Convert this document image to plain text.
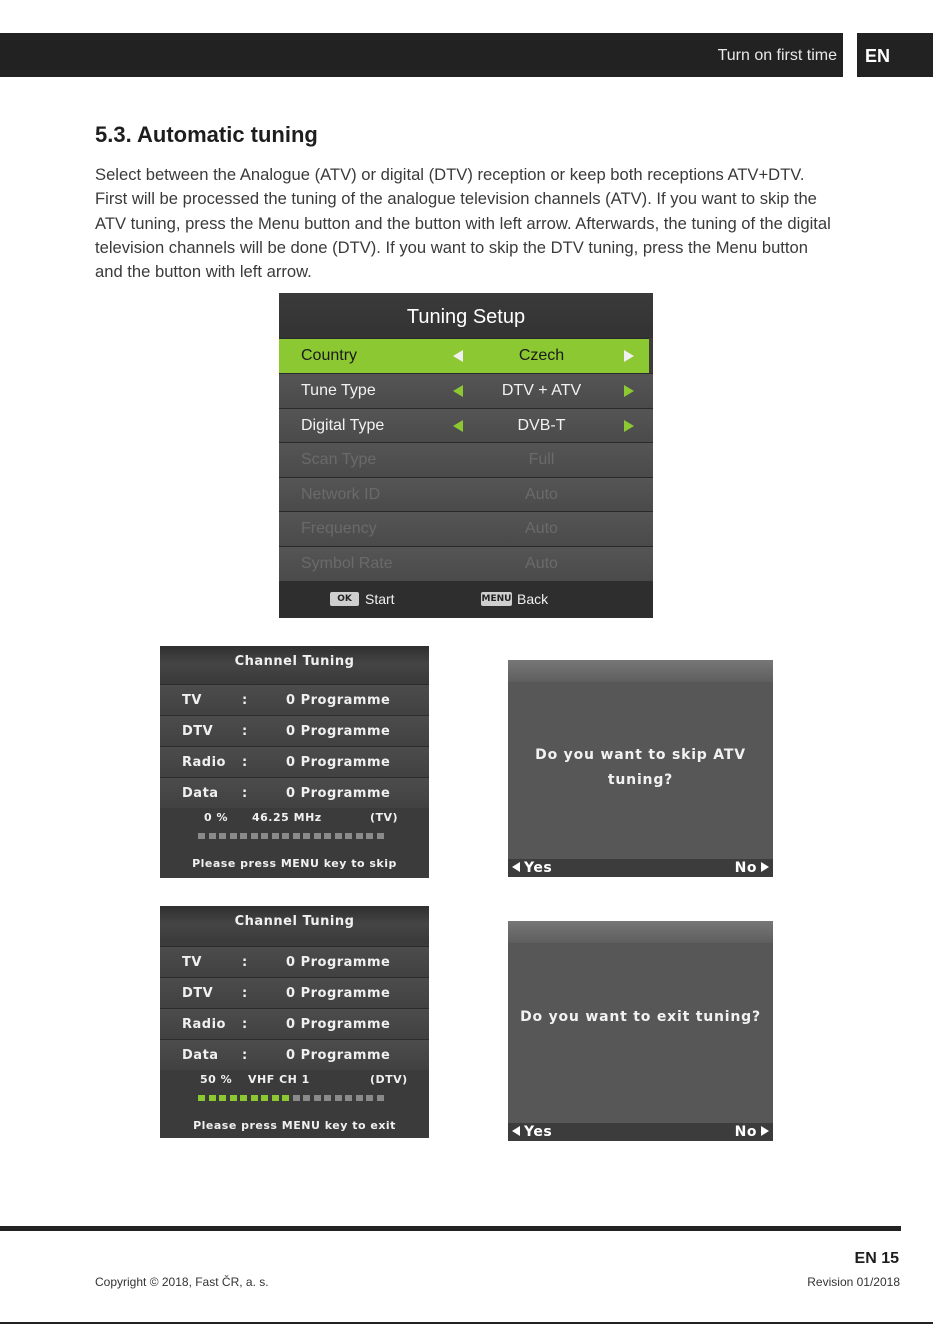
Turn on first time	EN
5.3. Automatic tuning

Select between the Analogue (ATV) or digital (DTV) reception or keep both receptions ATV+DTV. First will be processed the tuning of the analogue television channels (ATV). If you want to skip the ATV tuning, press the Menu button and the button with left arrow. Afterwards, the tuning of the digital television channels will be done (DTV). If you want to skip the DTV tuning, press the Menu button and the button with left arrow.

Tuning Setup
Country	Czech
Tune Type	DTV + ATV
Digital Type	DVB-T
Scan Type	Full
Network ID	Auto
Frequency	Auto
Symbol Rate	Auto
OK Start	MENU Back
Channel Tuning
TV	:	0 Programme
DTV :	0 Programme
Radio :	0 Programme
Data :	0 Programme
0 % 46.25 MHz	(TV)
Please press MENU key to skip
Channel Tuning
TV	:	0 Programme
DTV :	0 Programme
Radio :	0 Programme
Data :	0 Programme
50 % VHF CH 1	(DTV)
Please press MENU key to exit
Do you want to skip ATV tuning?
Yes	No
Do you want to exit tuning?
Yes	No
EN 15
Copyright © 2018, Fast ČR, a. s.	Revision 01/2018
